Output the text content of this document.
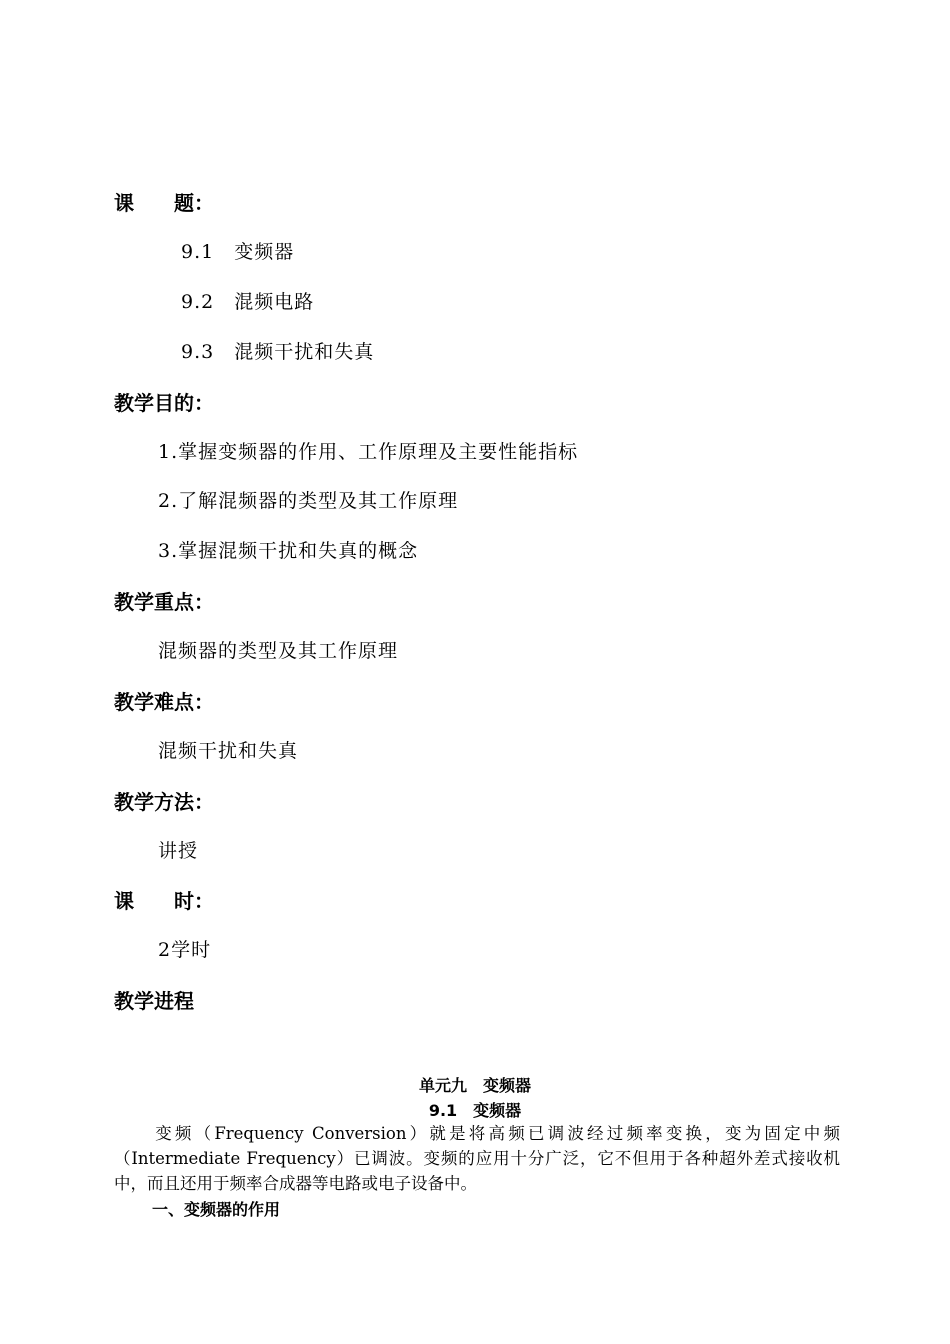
课　　题：
9.1　变频器
9.2　混频电路
9.3　混频干扰和失真
教学目的：
1.掌握变频器的作用、工作原理及主要性能指标
2.了解混频器的类型及其工作原理
3.掌握混频干扰和失真的概念
教学重点：
混频器的类型及其工作原理
教学难点：
混频干扰和失真
教学方法：
讲授
课　　时：
2学时
教学进程
单元九　变频器
9.1　变频器
变频（Frequency Conversion）就是将高频已调波经过频率变换，变为固定中频（Intermediate Frequency）已调波。变频的应用十分广泛，它不但用于各种超外差式接收机中，而且还用于频率合成器等电路或电子设备中。
一、变频器的作用
